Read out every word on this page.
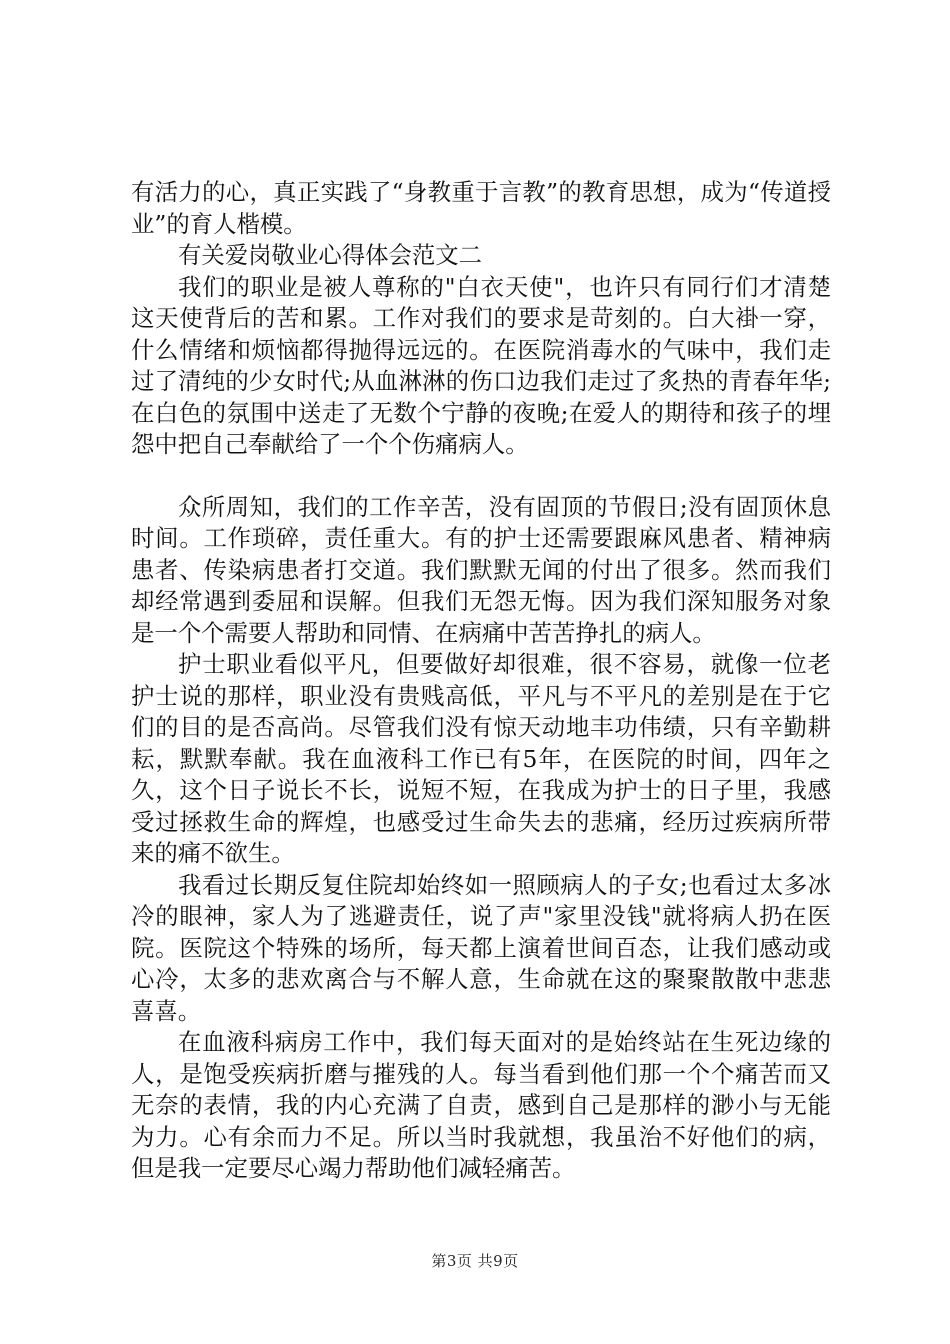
有活力的心，真正实践了“身教重于言教”的教育思想，成为“传道授业”的育人楷模。

有关爱岗敬业心得体会范文二

我们的职业是被人尊称的"白衣天使"，也许只有同行们才清楚这天使背后的苦和累。工作对我们的要求是苛刻的。白大褂一穿，什么情绪和烦恼都得抛得远远的。在医院消毒水的气味中，我们走过了清纯的少女时代;从血淋淋的伤口边我们走过了炙热的青春年华;在白色的氛围中送走了无数个宁静的夜晚;在爱人的期待和孩子的埋怨中把自己奉献给了一个个伤痛病人。

众所周知，我们的工作辛苦，没有固顶的节假日;没有固顶休息时间。工作琐碎，责任重大。有的护士还需要跟麻风患者、精神病患者、传染病患者打交道。我们默默无闻的付出了很多。然而我们却经常遇到委屈和误解。但我们无怨无悔。因为我们深知服务对象是一个个需要人帮助和同情、在病痛中苦苦挣扎的病人。

护士职业看似平凡，但要做好却很难，很不容易，就像一位老护士说的那样，职业没有贵贱高低，平凡与不平凡的差别是在于它们的目的是否高尚。尽管我们没有惊天动地丰功伟绩，只有辛勤耕耘，默默奉献。我在血液科工作已有5年，在医院的时间，四年之久，这个日子说长不长，说短不短，在我成为护士的日子里，我感受过拯救生命的辉煌，也感受过生命失去的悲痛，经历过疾病所带来的痛不欲生。

我看过长期反复住院却始终如一照顾病人的子女;也看过太多冰冷的眼神，家人为了逃避责任，说了声"家里没钱"就将病人扔在医院。医院这个特殊的场所，每天都上演着世间百态，让我们感动或心冷，太多的悲欢离合与不解人意，生命就在这的聚聚散散中悲悲喜喜。

在血液科病房工作中，我们每天面对的是始终站在生死边缘的人，是饱受疾病折磨与摧残的人。每当看到他们那一个个痛苦而又无奈的表情，我的内心充满了自责，感到自己是那样的渺小与无能为力。心有余而力不足。所以当时我就想，我虽治不好他们的病，但是我一定要尽心竭力帮助他们减轻痛苦。

第3页 共9页
